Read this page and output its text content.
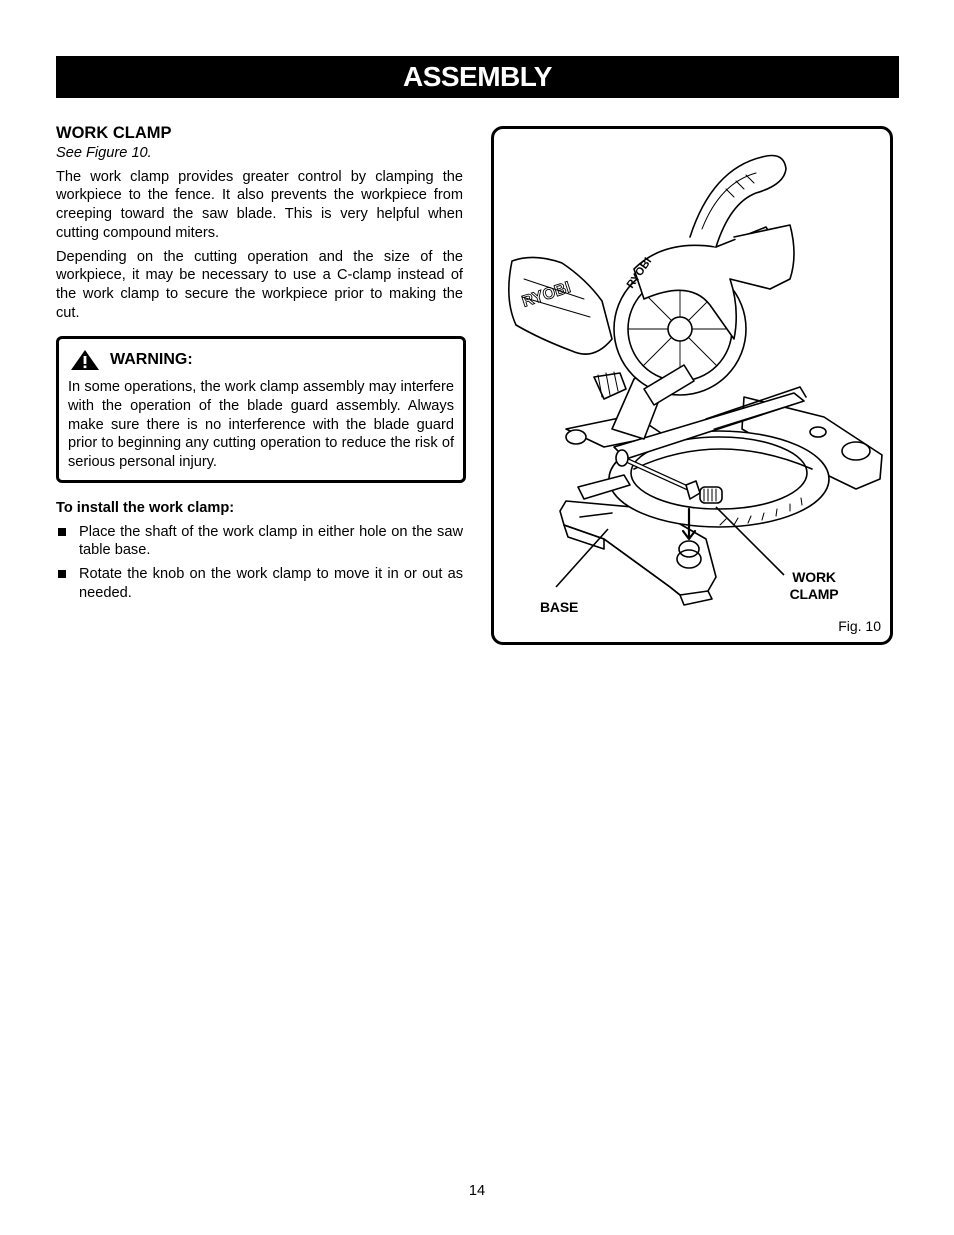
ASSEMBLY
WORK CLAMP

See Figure 10.

The work clamp provides greater control by clamping the workpiece to the fence. It also prevents the workpiece from creeping toward the saw blade. This is very helpful when cutting compound miters.

Depending on the cutting operation and the size of the workpiece, it may be necessary to use a C-clamp instead of the work clamp to secure the workpiece prior to making the cut.

WARNING:

In some operations, the work clamp assembly may interfere with the operation of the blade guard assembly. Always make sure there is no interference with the blade guard prior to beginning any cutting operation to reduce the risk of serious personal injury.

To install the work clamp:

Place the shaft of the work clamp in either hole on the saw table base.
Rotate the knob on the work clamp to move it in or out as needed.
RYOBI
RYOBI
WORK CLAMP
BASE
Fig. 10
14
